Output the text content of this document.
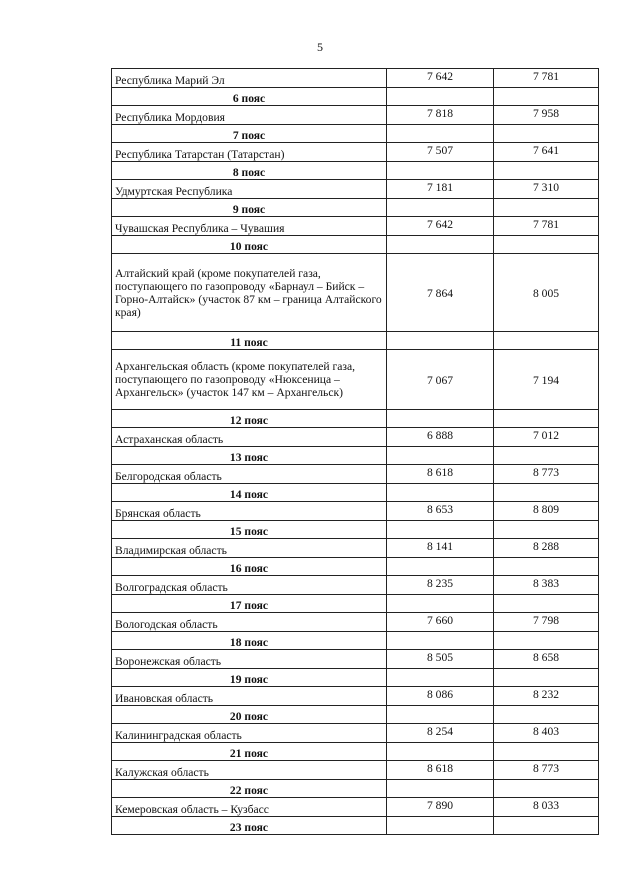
5
Республика Марий Эл	7 642	7 781
6 пояс		
Республика Мордовия	7 818	7 958
7 пояс		
Республика Татарстан (Татарстан)	7 507	7 641
8 пояс		
Удмуртская Республика	7 181	7 310
9 пояс		
Чувашская Республика – Чувашия	7 642	7 781
10 пояс		
Алтайский край (кроме покупателей газа, поступающего по газопроводу «Барнаул – Бийск – Горно-Алтайск» (участок 87 км – граница Алтайского края)	7 864	8 005
11 пояс		
Архангельская область (кроме покупателей газа, поступающего по газопроводу «Нюксеница – Архангельск» (участок 147 км – Архангельск)	7 067	7 194
12 пояс		
Астраханская область	6 888	7 012
13 пояс		
Белгородская область	8 618	8 773
14 пояс		
Брянская область	8 653	8 809
15 пояс		
Владимирская область	8 141	8 288
16 пояс		
Волгоградская область	8 235	8 383
17 пояс		
Вологодская область	7 660	7 798
18 пояс		
Воронежская область	8 505	8 658
19 пояс		
Ивановская область	8 086	8 232
20 пояс		
Калининградская область	8 254	8 403
21 пояс		
Калужская область	8 618	8 773
22 пояс		
Кемеровская область – Кузбасс	7 890	8 033
23 пояс		
